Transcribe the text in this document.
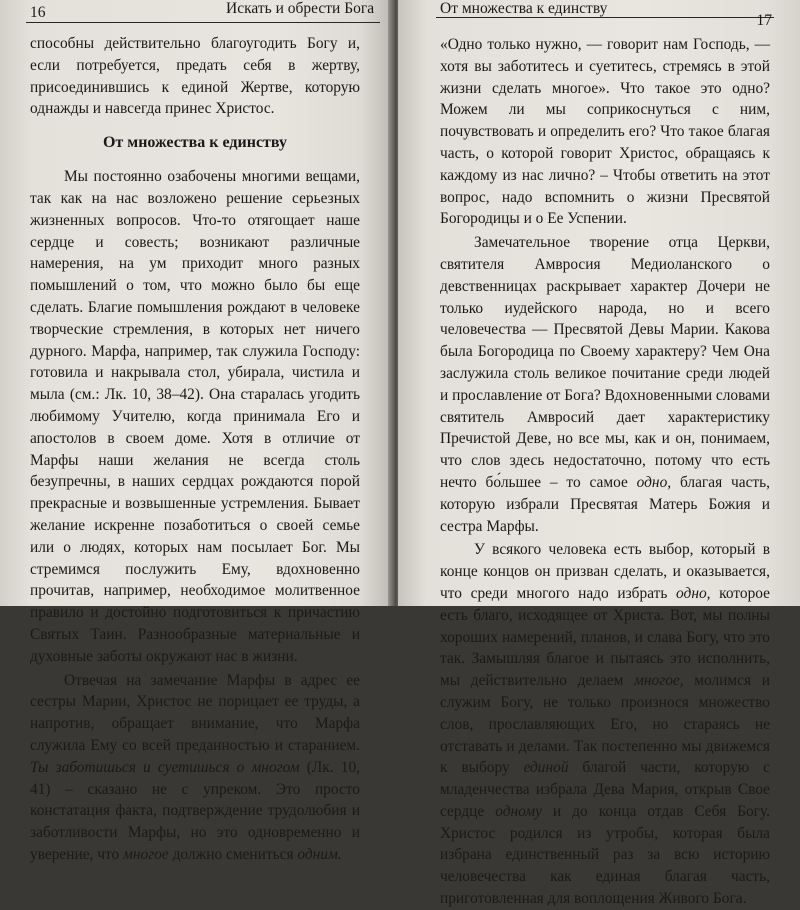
16	Искать и обрести Бога

способны действительно благоугодить Богу и, если потребуется, предать себя в жертву, присоединившись к единой Жертве, которую однажды и навсегда принес Христос.

От множества к единству

Мы постоянно озабочены многими вещами, так как на нас возложено решение серьезных жизненных вопросов. Что-то отягощает наше сердце и совесть; возникают различные намерения, на ум приходит много разных помышлений о том, что можно было бы еще сделать. Благие помышления рождают в человеке творческие стремления, в которых нет ничего дурного. Марфа, например, так служила Господу: готовила и накрывала стол, убирала, чистила и мыла (см.: Лк. 10, 38–42). Она старалась угодить любимому Учителю, когда принимала Его и апостолов в своем доме. Хотя в отличие от Марфы наши желания не всегда столь безупречны, в наших сердцах рождаются порой прекрасные и возвышенные устремления. Бывает желание искренне позаботиться о своей семье или о людях, которых нам посылает Бог. Мы стремимся послужить Ему, вдохновенно прочитав, например, необходимое молитвенное правило и достойно подготовиться к причастию Святых Таин. Разнообразные материальные и духовные заботы окружают нас в жизни.

Отвечая на замечание Марфы в адрес ее сестры Марии, Христос не порицает ее труды, а напротив, обращает внимание, что Марфа служила Ему со всей преданностью и старанием. Ты заботишься и суетишься о многом (Лк. 10, 41) – сказано не с упреком. Это просто констатация факта, подтверждение трудолюбия и заботливости Марфы, но это одновременно и уверение, что многое должно смениться одним.

От множества к единству
17

«Одно только нужно, — говорит нам Господь, — хотя вы заботитесь и суетитесь, стремясь в этой жизни сделать многое». Что такое это одно? Можем ли мы соприкоснуться с ним, почувствовать и определить его? Что такое благая часть, о которой говорит Христос, обращаясь к каждому из нас лично? – Чтобы ответить на этот вопрос, надо вспомнить о жизни Пресвятой Богородицы и о Ее Успении.

Замечательное творение отца Церкви, святителя Амвросия Медиоланского о девственницах раскрывает характер Дочери не только иудейского народа, но и всего человечества — Пресвятой Девы Марии. Какова была Богородица по Своему характеру? Чем Она заслужила столь великое почитание среди людей и прославление от Бога? Вдохновенными словами святитель Амвросий дает характеристику Пречистой Деве, но все мы, как и он, понимаем, что слов здесь недостаточно, потому что есть нечто бо́льшее – то самое одно, благая часть, которую избрали Пресвятая Матерь Божия и сестра Марфы.

У всякого человека есть выбор, который в конце концов он призван сделать, и оказывается, что среди многого надо избрать одно, которое есть благо, исходящее от Христа. Вот, мы полны хороших намерений, планов, и слава Богу, что это так. Замышляя благое и пытаясь это исполнить, мы действительно делаем многое, молимся и служим Богу, не только произнося множество слов, прославляющих Его, но стараясь не отставать и делами. Так постепенно мы движемся к выбору единой благой части, которую с младенчества избрала Дева Мария, открыв Свое сердце одному и до конца отдав Себя Богу. Христос родился из утробы, которая была избрана единственный раз за всю историю человечества как единая благая часть, приготовленная для воплощения Живого Бога.
